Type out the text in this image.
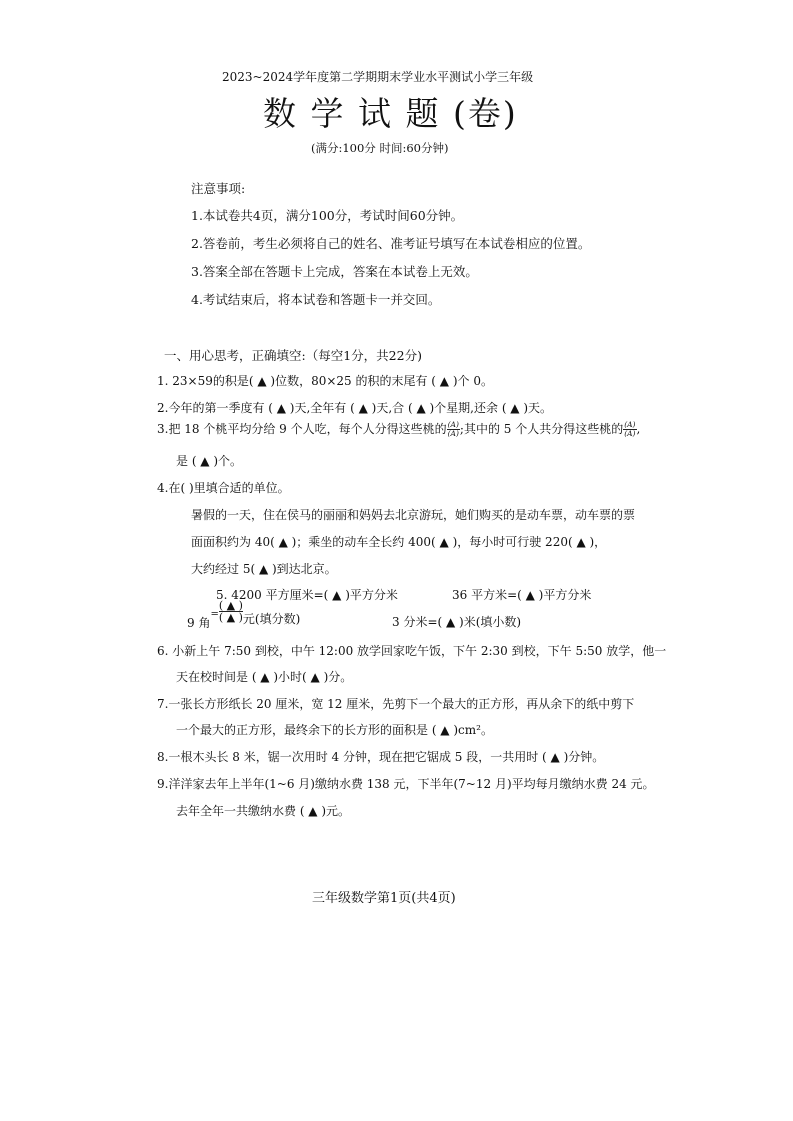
2023~2024学年度第二学期期末学业水平测试小学三年级
数 学 试 题 (卷)
(满分:100分 时间:60分钟)
注意事项:
1.本试卷共4页，满分100分，考试时间60分钟。
2.答卷前，考生必须将自己的姓名、准考证号填写在本试卷相应的位置。
3.答案全部在答题卡上完成，答案在本试卷上无效。
4.考试结束后，将本试卷和答题卡一并交回。
一、用心思考，正确填空:（每空1分，共22分)
1. 23×59的积是( ▲ )位数，80×25 的积的末尾有 ( ▲ )个 0。
2.今年的第一季度有 ( ▲ )天,全年有 ( ▲ )天,合 ( ▲ )个星期,还余 ( ▲ )天。
3.把 18 个桃平均分给 9 个人吃，每个人分得这些桃的 $\frac{(A)}{(A)}$ ;其中的 5 个人共分得这些桃的 $\frac{(A)}{(A)}$ ,
是 ( ▲ )个。
4.在( )里填合适的单位。
暑假的一天，住在侯马的丽丽和妈妈去北京游玩，她们购买的是动车票，动车票的票
面面积约为 40( ▲ )；乘坐的动车全长约 400( ▲ )，每小时可行驶 220( ▲ )，
大约经过 5( ▲ )到达北京。
5. 4200 平方厘米=( ▲ )平方分米	36 平方米=( ▲ )平方分米
9 角= $\frac{( ▲ )}{( ▲ )}$元(填分数)	3 分米=( ▲ )米(填小数)
6. 小新上午 7:50 到校，中午 12:00 放学回家吃午饭，下午 2:30 到校，下午 5:50 放学，他一
天在校时间是 ( ▲ )小时( ▲ )分。
7.一张长方形纸长 20 厘米，宽 12 厘米，先剪下一个最大的正方形，再从余下的纸中剪下
一个最大的正方形，最终余下的长方形的面积是 ( ▲ )cm²。
8.一根木头长 8 米，锯一次用时 4 分钟，现在把它锯成 5 段，一共用时 ( ▲ )分钟。
9.洋洋家去年上半年(1~6 月)缴纳水费 138 元，下半年(7~12 月)平均每月缴纳水费 24 元。
去年全年一共缴纳水费 ( ▲ )元。
三年级数学第1页(共4页)
